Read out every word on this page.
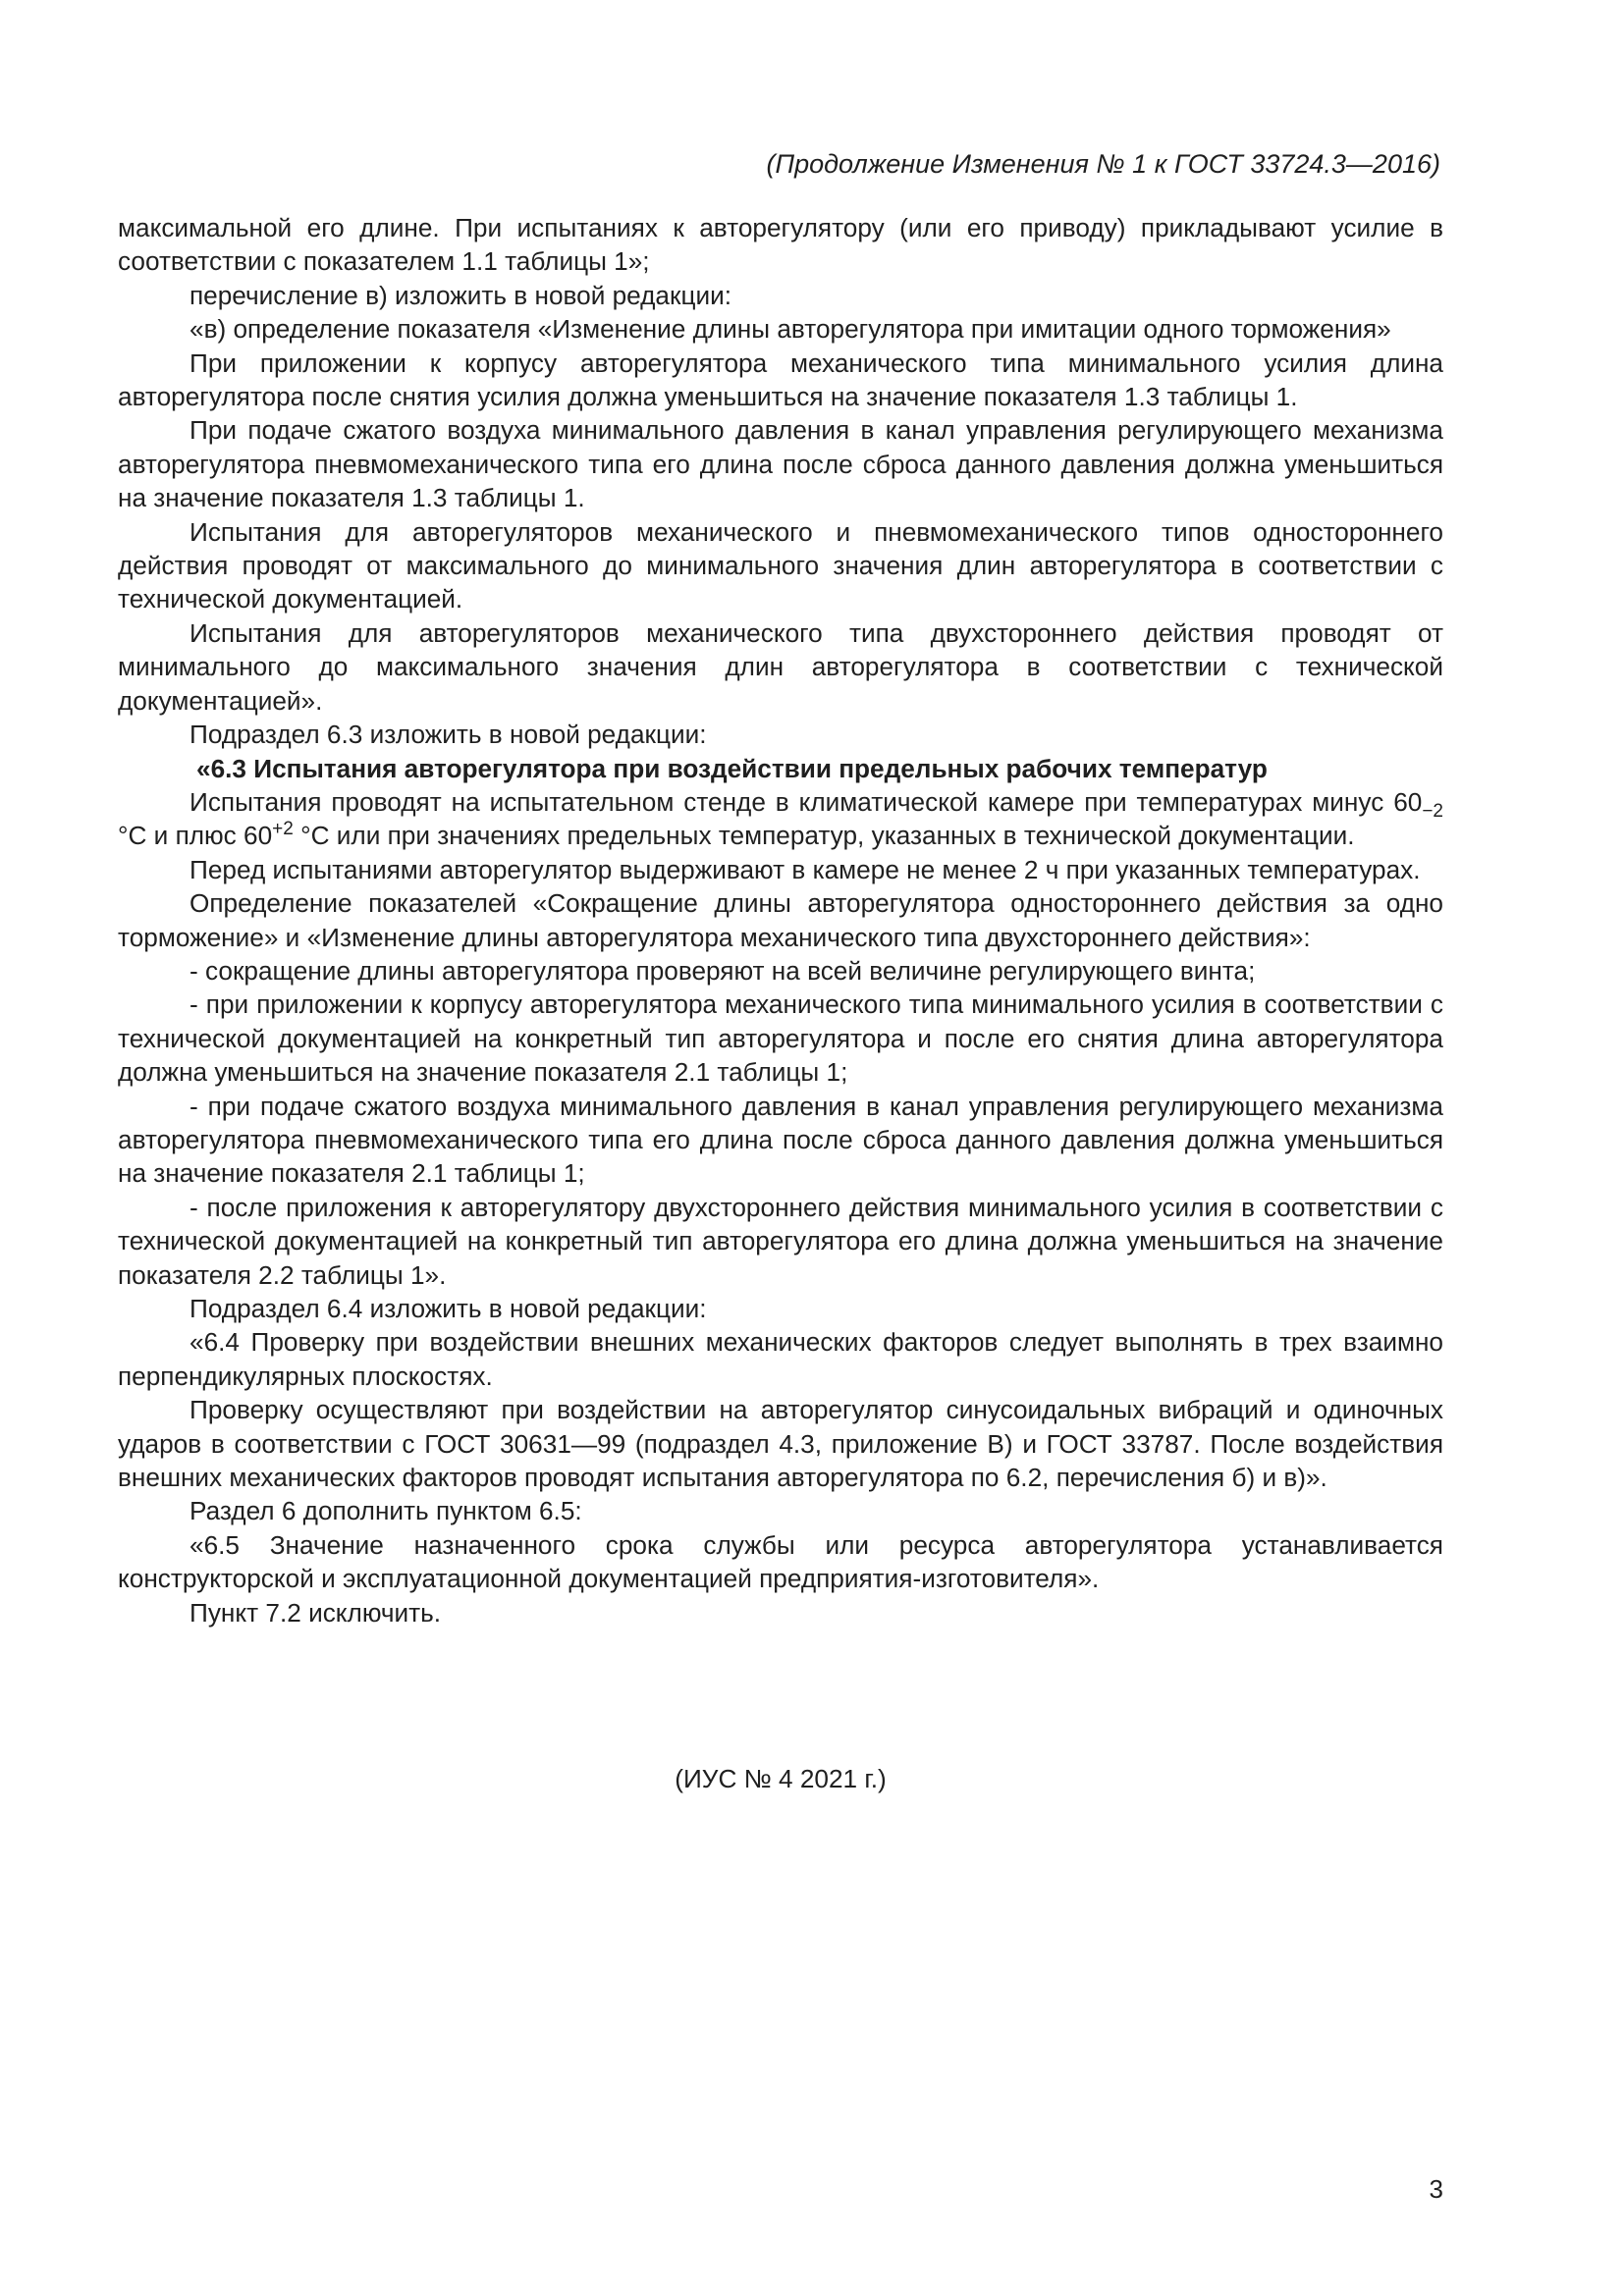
(Продолжение Изменения № 1 к ГОСТ 33724.3—2016)

максимальной его длине. При испытаниях к авторегулятору (или его приводу) прикладывают усилие в соответствии с показателем 1.1 таблицы 1»;

перечисление в) изложить в новой редакции:

«в) определение показателя «Изменение длины авторегулятора при имитации одного торможения»

При приложении к корпусу авторегулятора механического типа минимального усилия длина авторегулятора после снятия усилия должна уменьшиться на значение показателя 1.3 таблицы 1.

При подаче сжатого воздуха минимального давления в канал управления регулирующего механизма авторегулятора пневмомеханического типа его длина после сброса данного давления должна уменьшиться на значение показателя 1.3 таблицы 1.

Испытания для авторегуляторов механического и пневмомеханического типов одностороннего действия проводят от максимального до минимального значения длин авторегулятора в соответствии с технической документацией.

Испытания для авторегуляторов механического типа двухстороннего действия проводят от минимального до максимального значения длин авторегулятора в соответствии с технической документацией».

Подраздел 6.3 изложить в новой редакции:

«6.3 Испытания авторегулятора при воздействии предельных рабочих температур

Испытания проводят на испытательном стенде в климатической камере при температурах минус $60_{-2}$ °С и плюс $60^{+2}$ °С или при значениях предельных температур, указанных в технической документации.

Перед испытаниями авторегулятор выдерживают в камере не менее 2 ч при указанных температурах.

Определение показателей «Сокращение длины авторегулятора одностороннего действия за одно торможение» и «Изменение длины авторегулятора механического типа двухстороннего действия»:

- сокращение длины авторегулятора проверяют на всей величине регулирующего винта;

- при приложении к корпусу авторегулятора механического типа минимального усилия в соответствии с технической документацией на конкретный тип авторегулятора и после его снятия длина авторегулятора должна уменьшиться на значение показателя 2.1 таблицы 1;

- при подаче сжатого воздуха минимального давления в канал управления регулирующего механизма авторегулятора пневмомеханического типа его длина после сброса данного давления должна уменьшиться на значение показателя 2.1 таблицы 1;

- после приложения к авторегулятору двухстороннего действия минимального усилия в соответствии с технической документацией на конкретный тип авторегулятора его длина должна уменьшиться на значение показателя 2.2 таблицы 1».

Подраздел 6.4 изложить в новой редакции:

«6.4 Проверку при воздействии внешних механических факторов следует выполнять в трех взаимно перпендикулярных плоскостях.

Проверку осуществляют при воздействии на авторегулятор синусоидальных вибраций и одиночных ударов в соответствии с ГОСТ 30631—99 (подраздел 4.3, приложение В) и ГОСТ 33787. После воздействия внешних механических факторов проводят испытания авторегулятора по 6.2, перечисления б) и в)».

Раздел 6 дополнить пунктом 6.5:

«6.5 Значение назначенного срока службы или ресурса авторегулятора устанавливается конструкторской и эксплуатационной документацией предприятия-изготовителя».

Пункт 7.2 исключить.

(ИУС № 4 2021 г.)
3
